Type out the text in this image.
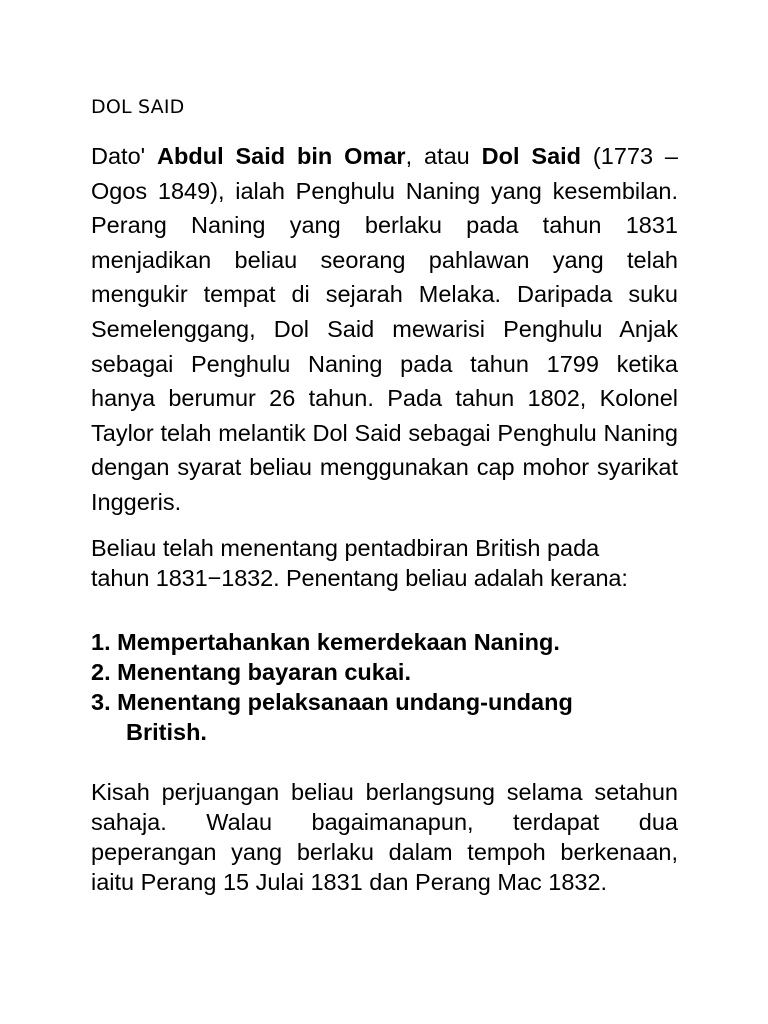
DOL SAID

Dato' Abdul Said bin Omar, atau Dol Said (1773 – Ogos 1849), ialah Penghulu Naning yang kesembilan. Perang Naning yang berlaku pada tahun 1831 menjadikan beliau seorang pahlawan yang telah mengukir tempat di sejarah Melaka. Daripada suku Semelenggang, Dol Said mewarisi Penghulu Anjak sebagai Penghulu Naning pada tahun 1799 ketika hanya berumur 26 tahun. Pada tahun 1802, Kolonel Taylor telah melantik Dol Said sebagai Penghulu Naning dengan syarat beliau menggunakan cap mohor syarikat Inggeris.

Beliau telah menentang pentadbiran British pada
tahun 1831−1832. Penentang beliau adalah kerana:

1. Mempertahankan kemerdekaan Naning.
2. Menentang bayaran cukai.
3. Menentang pelaksanaan undang-undang
British.

Kisah perjuangan beliau berlangsung selama setahun sahaja. Walau bagaimanapun, terdapat dua peperangan yang berlaku dalam tempoh berkenaan, iaitu Perang 15 Julai 1831 dan Perang Mac 1832.
